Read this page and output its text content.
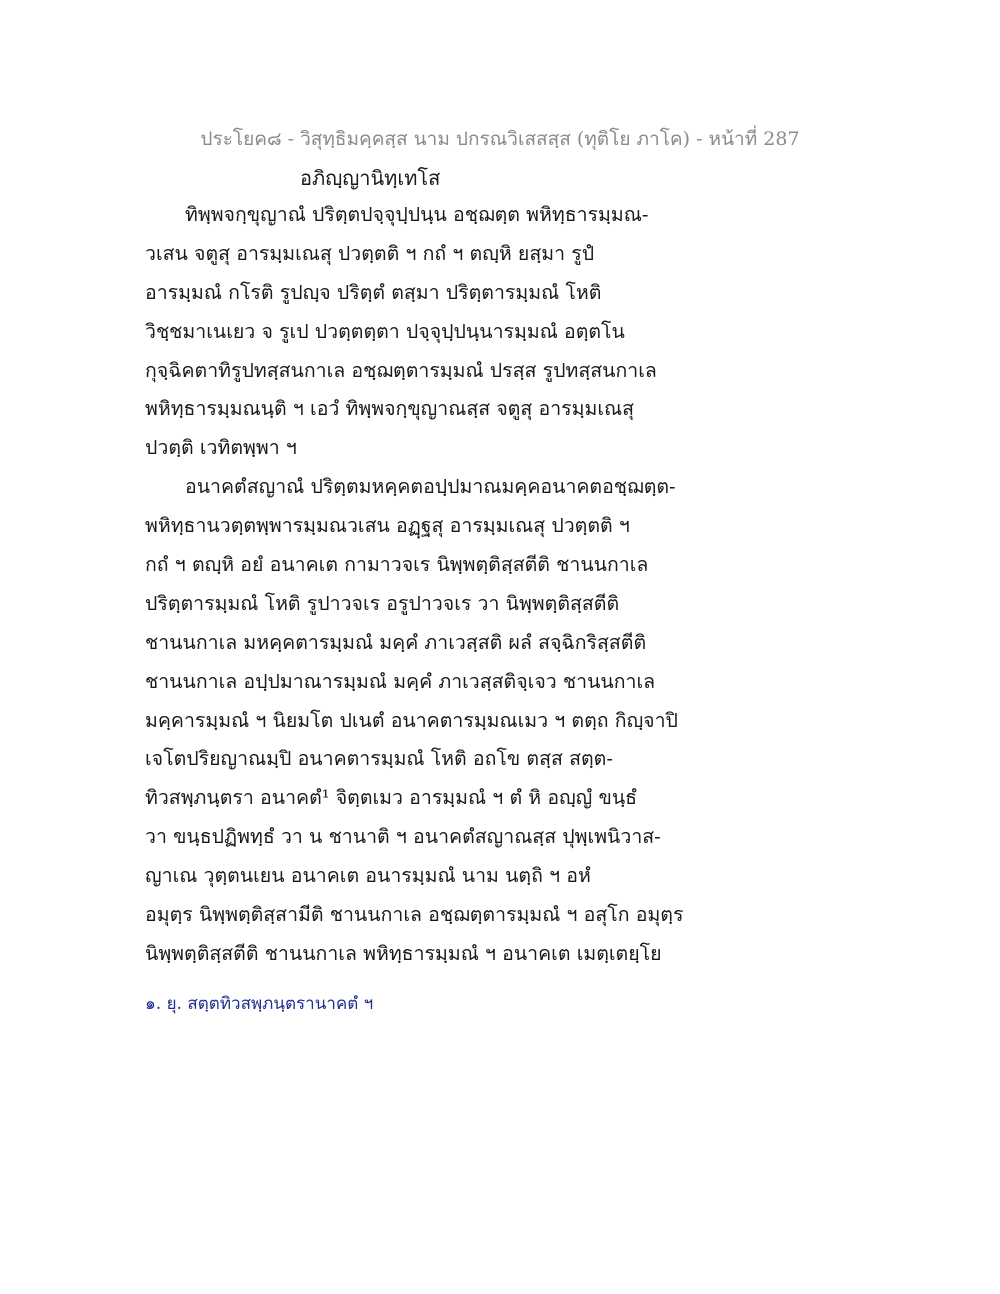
ประโยค๘ - วิสุทฺธิมคฺคสฺส นาม ปกรณวิเสสสฺส (ทุติโย ภาโค) - หน้าที่ 287
อภิญฺญานิทฺเทโส
ทิพฺพจกฺขุญาณํ ปริตฺตปจฺจุปฺปนฺน อชฺฌตฺต พหิทฺธารมฺมณ-
วเสน จตูสุ อารมฺมเณสุ ปวตฺตติ ฯ กถํ ฯ ตญฺหิ ยสฺมา รูปํ
อารมฺมณํ กโรติ รูปญฺจ ปริตฺตํ ตสฺมา ปริตฺตารมฺมณํ โหติ
วิชฺชมาเนเยว จ รูเป ปวตฺตตฺตา ปจฺจุปฺปนฺนารมฺมณํ อตฺตโน
กุจฺฉิคตาทิรูปทสฺสนกาเล อชฺฌตฺตารมฺมณํ ปรสฺส รูปทสฺสนกาเล
พหิทฺธารมฺมณนฺติ ฯ เอวํ ทิพฺพจกฺขุญาณสฺส จตูสุ อารมฺมเณสุ
ปวตฺติ เวทิตพฺพา ฯ
อนาคตํสญาณํ ปริตฺตมหคฺคตอปฺปมาณมคฺคอนาคตอชฺฌตฺต-
พหิทฺธานวตฺตพฺพารมฺมณวเสน อฏฺฐสุ อารมฺมเณสุ ปวตฺตติ ฯ
กถํ ฯ ตญฺหิ อยํ อนาคเต กามาวจเร นิพฺพตฺติสฺสตีติ ชานนกาเล
ปริตฺตารมฺมณํ โหติ รูปาวจเร อรูปาวจเร วา นิพฺพตฺติสฺสตีติ
ชานนกาเล มหคฺคตารมฺมณํ มคฺคํ ภาเวสฺสติ ผลํ สจฺฉิกริสฺสตีติ
ชานนกาเล อปฺปมาณารมฺมณํ มคฺคํ ภาเวสฺสติจฺเจว ชานนกาเล
มคฺคารมฺมณํ ฯ นิยมโต ปเนตํ อนาคตารมฺมณเมว ฯ ตตฺถ กิญฺจาปิ
เจโตปริยญาณมฺปิ อนาคตารมฺมณํ โหติ อถโข ตสฺส สตฺต-
ทิวสพฺภนฺตรา อนาคตํ¹ จิตฺตเมว อารมฺมณํ ฯ ตํ หิ อญฺญํ ขนฺธํ
วา ขนฺธปฏิพทฺธํ วา น ชานาติ ฯ อนาคตํสญาณสฺส ปุพฺเพนิวาส-
ญาเณ วุตฺตนเยน อนาคเต อนารมฺมณํ นาม นตฺถิ ฯ อหํ
อมุตฺร นิพฺพตฺติสฺสามีติ ชานนกาเล อชฺฌตฺตารมฺมณํ ฯ อสุโก อมุตฺร
นิพฺพตฺติสฺสตีติ ชานนกาเล พหิทฺธารมฺมณํ ฯ อนาคเต เมตฺเตยฺโย
๑. ยุ. สตฺตทิวสพฺภนฺตรานาคตํ ฯ
